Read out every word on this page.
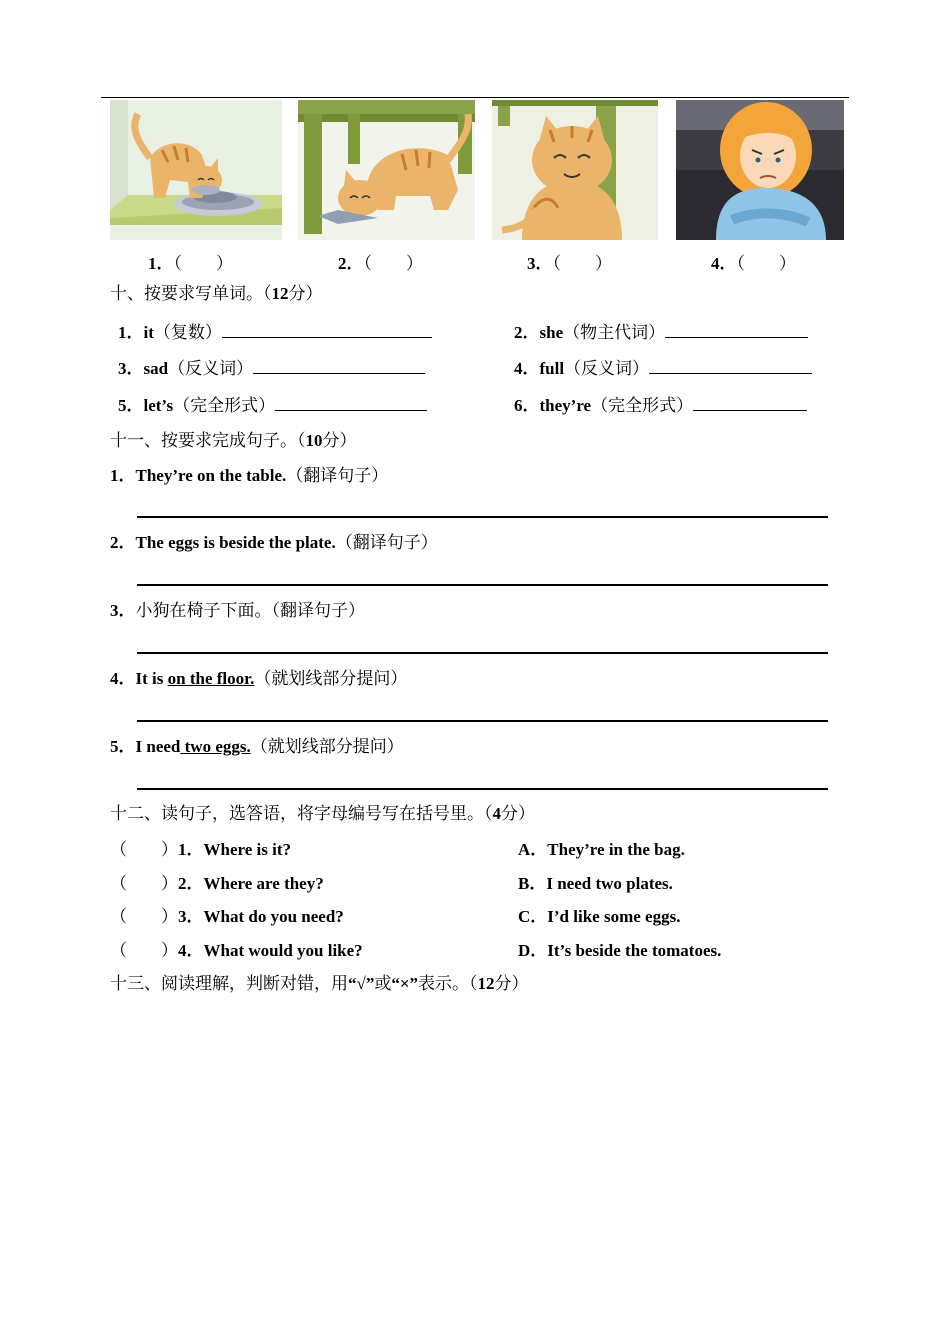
1．（　　）	2．（　　）	3．（　　）	4．（　　）
十、按要求写单词。（12分）
1．it（复数）	2．she（物主代词）
3．sad（反义词）	4．full（反义词）
5．let’s（完全形式）	6．they’re（完全形式）
十一、按要求完成句子。（10分）
1．They’re on the table.（翻译句子）
2．The eggs is beside the plate.（翻译句子）
3．小狗在椅子下面。（翻译句子）
4．It is on the floor.（就划线部分提问）
5．I need two eggs.（就划线部分提问）
十二、读句子，选答语，将字母编号写在括号里。（4分）
（　　）1．Where is it?	A．They’re in the bag.
（　　）2．Where are they?	B．I need two plates.
（　　）3．What do you need?	C．I’d like some eggs.
（　　）4．What would you like?	D．It’s beside the tomatoes.
十三、阅读理解，判断对错，用“√”或“×”表示。（12分）
